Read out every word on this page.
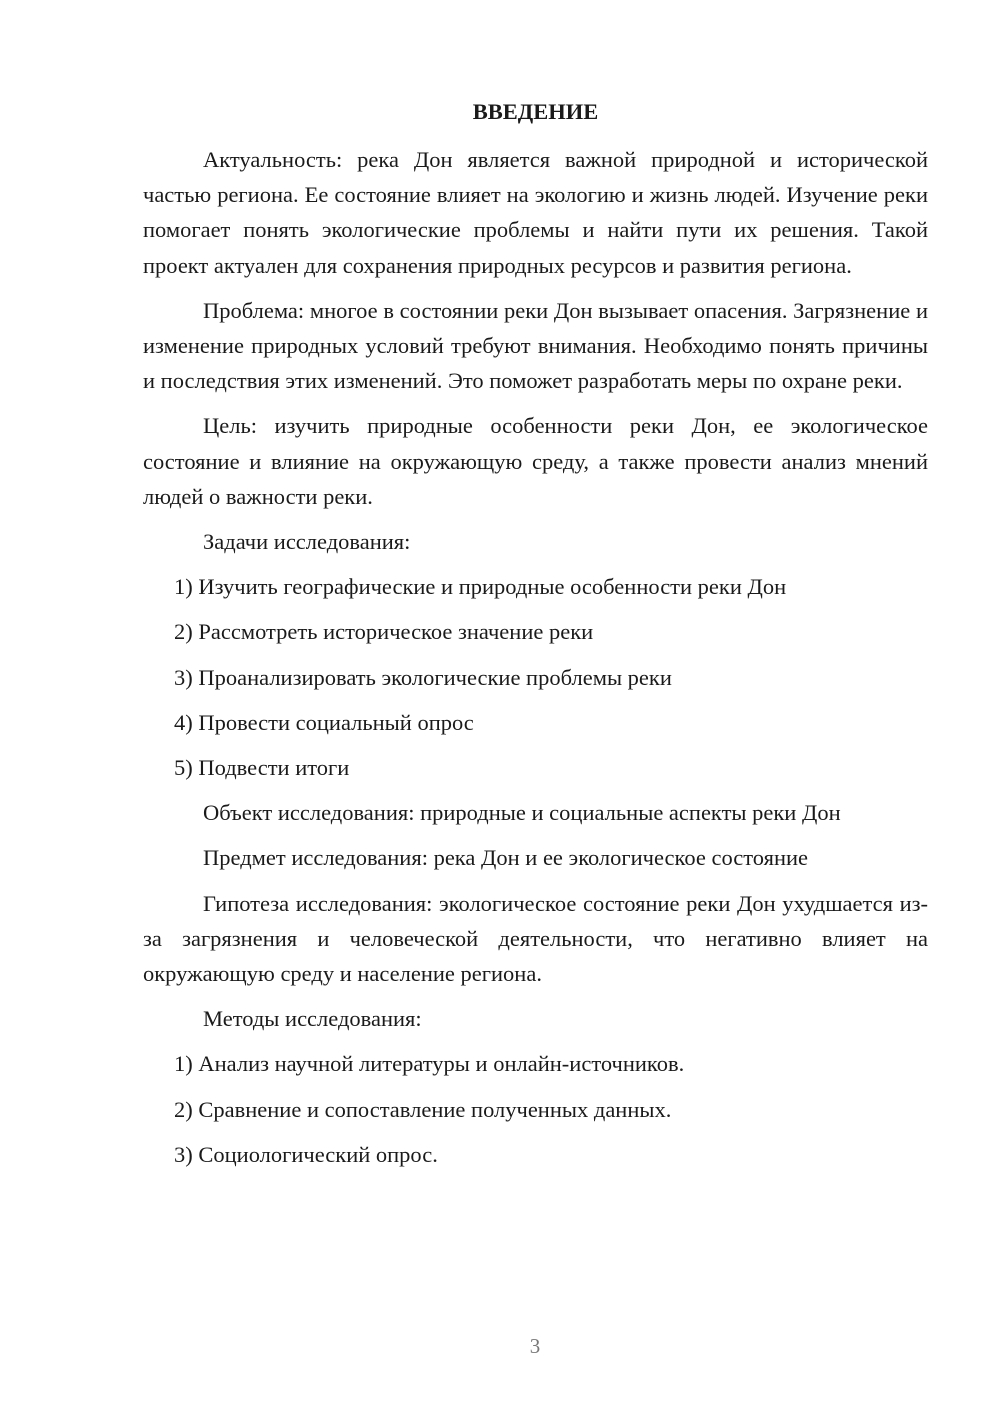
ВВЕДЕНИЕ

Актуальность: река Дон является важной природной и исторической частью региона. Ее состояние влияет на экологию и жизнь людей. Изучение реки помогает понять экологические проблемы и найти пути их решения. Такой проект актуален для сохранения природных ресурсов и развития региона.

Проблема: многое в состоянии реки Дон вызывает опасения. Загрязнение и изменение природных условий требуют внимания. Необходимо понять причины и последствия этих изменений. Это поможет разработать меры по охране реки.

Цель: изучить природные особенности реки Дон, ее экологическое состояние и влияние на окружающую среду, а также провести анализ мнений людей о важности реки.

Задачи исследования:

1) Изучить географические и природные особенности реки Дон

2) Рассмотреть историческое значение реки

3) Проанализировать экологические проблемы реки

4) Провести социальный опрос

5) Подвести итоги

Объект исследования: природные и социальные аспекты реки Дон

Предмет исследования: река Дон и ее экологическое состояние

Гипотеза исследования: экологическое состояние реки Дон ухудшается из-за загрязнения и человеческой деятельности, что негативно влияет на окружающую среду и население региона.

Методы исследования:

1) Анализ научной литературы и онлайн-источников.

2) Сравнение и сопоставление полученных данных.

3) Социологический опрос.

3
